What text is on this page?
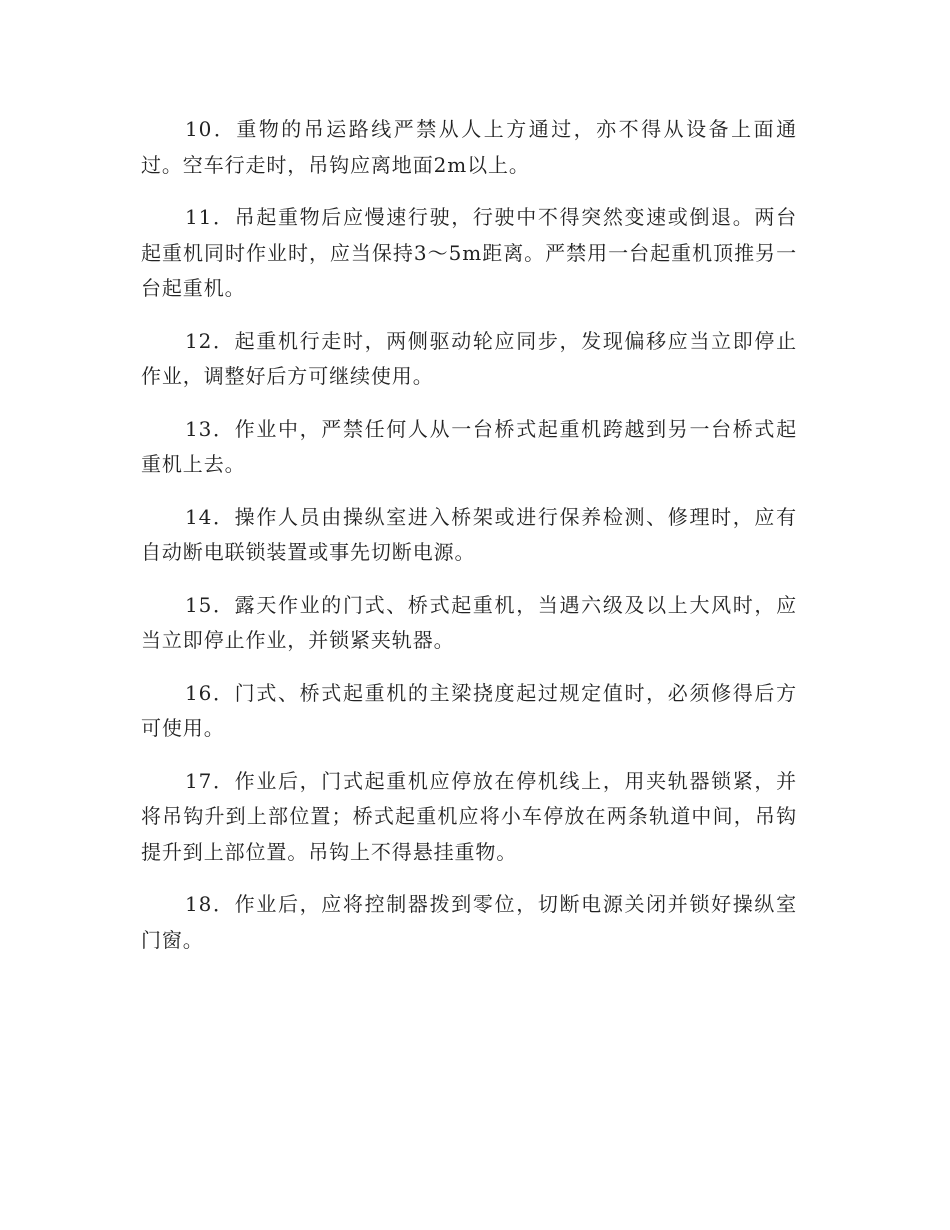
10．重物的吊运路线严禁从人上方通过，亦不得从设备上面通过。空车行走时，吊钩应离地面2m以上。

11．吊起重物后应慢速行驶，行驶中不得突然变速或倒退。两台起重机同时作业时，应当保持3～5m距离。严禁用一台起重机顶推另一台起重机。

12．起重机行走时，两侧驱动轮应同步，发现偏移应当立即停止作业，调整好后方可继续使用。

13．作业中，严禁任何人从一台桥式起重机跨越到另一台桥式起重机上去。

14．操作人员由操纵室进入桥架或进行保养检测、修理时，应有自动断电联锁装置或事先切断电源。

15．露天作业的门式、桥式起重机，当遇六级及以上大风时，应当立即停止作业，并锁紧夹轨器。

16．门式、桥式起重机的主梁挠度起过规定值时，必须修得后方可使用。

17．作业后，门式起重机应停放在停机线上，用夹轨器锁紧，并将吊钩升到上部位置；桥式起重机应将小车停放在两条轨道中间，吊钩提升到上部位置。吊钩上不得悬挂重物。

18．作业后，应将控制器拨到零位，切断电源关闭并锁好操纵室门窗。
